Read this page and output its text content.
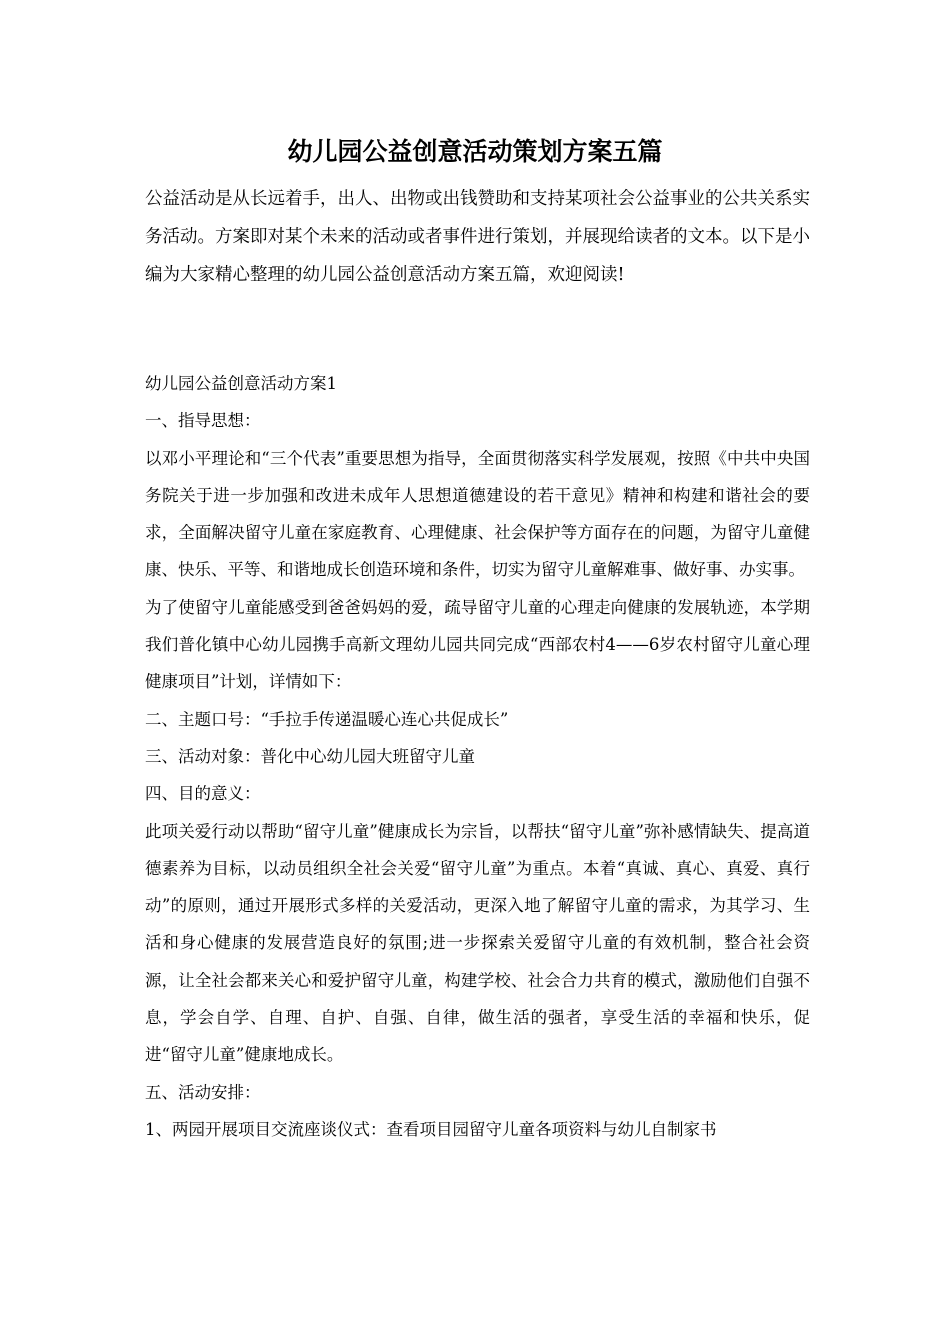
幼儿园公益创意活动策划方案五篇

公益活动是从长远着手，出人、出物或出钱赞助和支持某项社会公益事业的公共关系实务活动。方案即对某个未来的活动或者事件进行策划，并展现给读者的文本。以下是小编为大家精心整理的幼儿园公益创意活动方案五篇，欢迎阅读!

幼儿园公益创意活动方案1

一、指导思想：

以邓小平理论和“三个代表”重要思想为指导，全面贯彻落实科学发展观，按照《中共中央国务院关于进一步加强和改进未成年人思想道德建设的若干意见》精神和构建和谐社会的要求，全面解决留守儿童在家庭教育、心理健康、社会保护等方面存在的问题，为留守儿童健康、快乐、平等、和谐地成长创造环境和条件，切实为留守儿童解难事、做好事、办实事。

为了使留守儿童能感受到爸爸妈妈的爱，疏导留守儿童的心理走向健康的发展轨迹，本学期我们普化镇中心幼儿园携手高新文理幼儿园共同完成“西部农村4——6岁农村留守儿童心理健康项目”计划，详情如下：

二、主题口号：“手拉手传递温暖心连心共促成长”

三、活动对象：普化中心幼儿园大班留守儿童

四、目的意义：

此项关爱行动以帮助“留守儿童”健康成长为宗旨，以帮扶“留守儿童”弥补感情缺失、提高道德素养为目标，以动员组织全社会关爱“留守儿童”为重点。本着“真诚、真心、真爱、真行动”的原则，通过开展形式多样的关爱活动，更深入地了解留守儿童的需求，为其学习、生活和身心健康的发展营造良好的氛围;进一步探索关爱留守儿童的有效机制，整合社会资源，让全社会都来关心和爱护留守儿童，构建学校、社会合力共育的模式，激励他们自强不息，学会自学、自理、自护、自强、自律，做生活的强者，享受生活的幸福和快乐，促进“留守儿童”健康地成长。

五、活动安排：

1、两园开展项目交流座谈仪式：查看项目园留守儿童各项资料与幼儿自制家书
